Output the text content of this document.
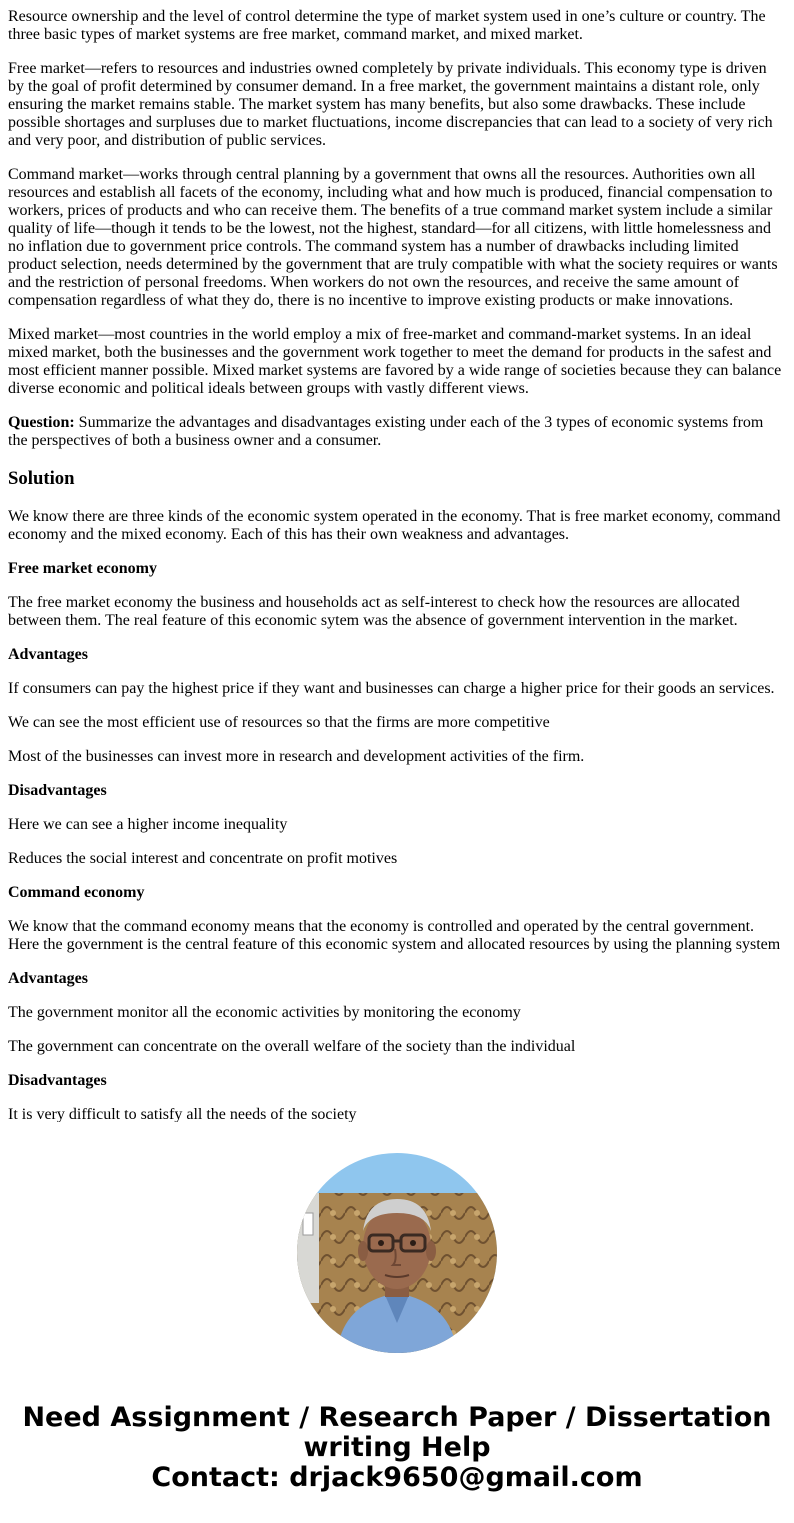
Resource ownership and the level of control determine the type of market system used in one’s culture or country. The three basic types of market systems are free market, command market, and mixed market.

Free market—refers to resources and industries owned completely by private individuals. This economy type is driven by the goal of profit determined by consumer demand. In a free market, the government maintains a distant role, only ensuring the market remains stable. The market system has many benefits, but also some drawbacks. These include possible shortages and surpluses due to market fluctuations, income discrepancies that can lead to a society of very rich and very poor, and distribution of public services.

Command market—works through central planning by a government that owns all the resources. Authorities own all resources and establish all facets of the economy, including what and how much is produced, financial compensation to workers, prices of products and who can receive them. The benefits of a true command market system include a similar quality of life—though it tends to be the lowest, not the highest, standard—for all citizens, with little homelessness and no inflation due to government price controls. The command system has a number of drawbacks including limited product selection, needs determined by the government that are truly compatible with what the society requires or wants and the restriction of personal freedoms. When workers do not own the resources, and receive the same amount of compensation regardless of what they do, there is no incentive to improve existing products or make innovations.

Mixed market—most countries in the world employ a mix of free-market and command-market systems. In an ideal mixed market, both the businesses and the government work together to meet the demand for products in the safest and most efficient manner possible. Mixed market systems are favored by a wide range of societies because they can balance diverse economic and political ideals between groups with vastly different views.

Question: Summarize the advantages and disadvantages existing under each of the 3 types of economic systems from the perspectives of both a business owner and a consumer.

Solution

We know there are three kinds of the economic system operated in the economy. That is free market economy, command economy and the mixed economy. Each of this has their own weakness and advantages.

Free market economy

The free market economy the business and households act as self-interest to check how the resources are allocated between them. The real feature of this economic sytem was the absence of government intervention in the market.

Advantages

If consumers can pay the highest price if they want and businesses can charge a higher price for their goods an services.

We can see the most efficient use of resources so that the firms are more competitive

Most of the businesses can invest more in research and development activities of the firm.

Disadvantages

Here we can see a higher income inequality

Reduces the social interest and concentrate on profit motives

Command economy

We know that the command economy means that the economy is controlled and operated by the central government. Here the government is the central feature of this economic system and allocated resources by using the planning system

Advantages

The government monitor all the economic activities by monitoring the economy

The government can concentrate on the overall welfare of the society than the individual

Disadvantages

It is very difficult to satisfy all the needs of the society

Need Assignment / Research Paper / Dissertation
writing Help
Contact: drjack9650@gmail.com
